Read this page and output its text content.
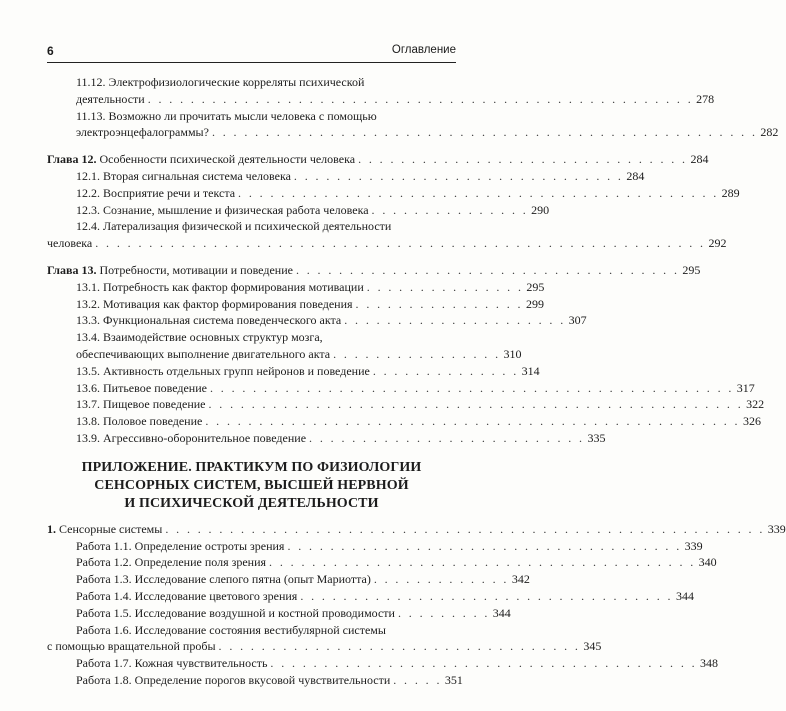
6	Оглавление
11.12. Электрофизиологические корреляты психической
деятельности . . . . . . . . . . . . . . . . . . . . . . . . . . . . . . . . . . . . . . . . . . . . . . . . . . . 278
11.13. Возможно ли прочитать мысли человека с помощью
электроэнцефалограммы? . . . . . . . . . . . . . . . . . . . . . . . . . . . . . . . . . . . . . . . . . . . . . . . . . . . 282
Глава 12. Особенности психической деятельности человека . . . . . . . . . . . . . . . . . . . . . . . . . . . . . . . 284
12.1. Вторая сигнальная система человека . . . . . . . . . . . . . . . . . . . . . . . . . . . . . . . 284
12.2. Восприятие речи и текста . . . . . . . . . . . . . . . . . . . . . . . . . . . . . . . . . . . . . . . . . . . . . 289
12.3. Сознание, мышление и физическая работа человека . . . . . . . . . . . . . . . 290
12.4. Латерализация физической и психической деятельности
человека . . . . . . . . . . . . . . . . . . . . . . . . . . . . . . . . . . . . . . . . . . . . . . . . . . . . . . . . . 292
Глава 13. Потребности, мотивации и поведение . . . . . . . . . . . . . . . . . . . . . . . . . . . . . . . . . . . . 295
13.1. Потребность как фактор формирования мотивации . . . . . . . . . . . . . . . 295
13.2. Мотивация как фактор формирования поведения . . . . . . . . . . . . . . . . 299
13.3. Функциональная система поведенческого акта . . . . . . . . . . . . . . . . . . . . . 307
13.4. Взаимодействие основных структур мозга,
обеспечивающих выполнение двигательного акта . . . . . . . . . . . . . . . . 310
13.5. Активность отдельных групп нейронов и поведение . . . . . . . . . . . . . . 314
13.6. Питьевое поведение . . . . . . . . . . . . . . . . . . . . . . . . . . . . . . . . . . . . . . . . . . . . . . . . . 317
13.7. Пищевое поведение . . . . . . . . . . . . . . . . . . . . . . . . . . . . . . . . . . . . . . . . . . . . . . . . . . 322
13.8. Половое поведение . . . . . . . . . . . . . . . . . . . . . . . . . . . . . . . . . . . . . . . . . . . . . . . . . . 326
13.9. Агрессивно-оборонительное поведение . . . . . . . . . . . . . . . . . . . . . . . . . . 335
ПРИЛОЖЕНИЕ. ПРАКТИКУМ ПО ФИЗИОЛОГИИ
СЕНСОРНЫХ СИСТЕМ, ВЫСШЕЙ НЕРВНОЙ
И ПСИХИЧЕСКОЙ ДЕЯТЕЛЬНОСТИ
1. Сенсорные системы . . . . . . . . . . . . . . . . . . . . . . . . . . . . . . . . . . . . . . . . . . . . . . . . . . . . . . . . 339
Работа 1.1. Определение остроты зрения . . . . . . . . . . . . . . . . . . . . . . . . . . . . . . . . . . . . . 339
Работа 1.2. Определение поля зрения . . . . . . . . . . . . . . . . . . . . . . . . . . . . . . . . . . . . . . . . 340
Работа 1.3. Исследование слепого пятна (опыт Мариотта) . . . . . . . . . . . . . 342
Работа 1.4. Исследование цветового зрения . . . . . . . . . . . . . . . . . . . . . . . . . . . . . . . . . . . 344
Работа 1.5. Исследование воздушной и костной проводимости . . . . . . . . . 344
Работа 1.6. Исследование состояния вестибулярной системы
с помощью вращательной пробы . . . . . . . . . . . . . . . . . . . . . . . . . . . . . . . . . . 345
Работа 1.7. Кожная чувствительность . . . . . . . . . . . . . . . . . . . . . . . . . . . . . . . . . . . . . . . . 348
Работа 1.8. Определение порогов вкусовой чувствительности . . . . . 351
